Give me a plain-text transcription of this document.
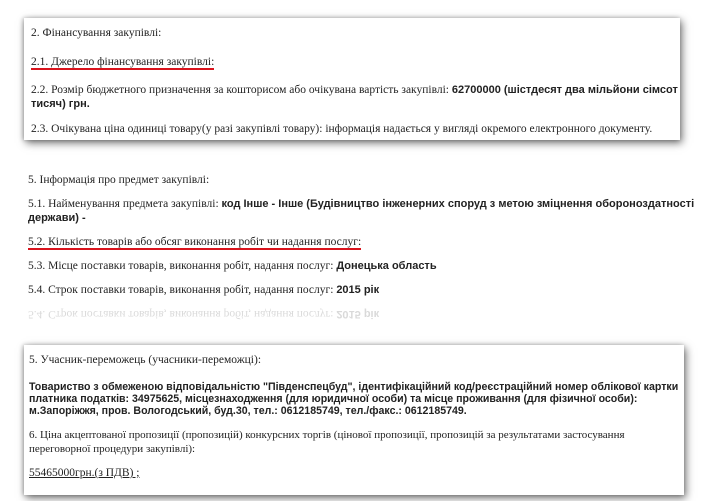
2. Фінансування закупівлі:
2.1. Джерело фінансування закупівлі:
2.2. Розмір бюджетного призначення за кошторисом або очікувана вартість закупівлі: 62700000 (шістдесят два мільйони сімсот
тисяч) грн.
2.3. Очікувана ціна одиниці товару(у разі закупівлі товару): інформація надається у вигляді окремого електронного документу.
5. Інформація про предмет закупівлі:
5.1. Найменування предмета закупівлі: код Інше - Інше (Будівництво інженерних споруд з метою зміцнення обороноздатності
держави) -
5.2. Кількість товарів або обсяг виконання робіт чи надання послуг:
5.3. Місце поставки товарів, виконання робіт, надання послуг: Донецька область
5.4. Строк поставки товарів, виконання робіт, надання послуг: 2015 рік
5.4. Строк поставки товарів, виконання робіт, надання послуг: 2015 рік
5. Учасник-переможець (учасники-переможці):
Товариство з обмеженою відповідальністю "Південспецбуд", ідентифікаційний код/реєстраційний номер облікової картки
платника податків: 34975625, місцезнаходження (для юридичної особи) та місце проживання (для фізичної особи):
м.Запоріжжя, пров. Вологодський, буд.30, тел.: 0612185749, тел./факс.: 0612185749.
6. Ціна акцептованої пропозиції (пропозицій) конкурсних торгів (цінової пропозиції, пропозицій за результатами застосування
переговорної процедури закупівлі):
55465000грн.(з ПДВ) ;
